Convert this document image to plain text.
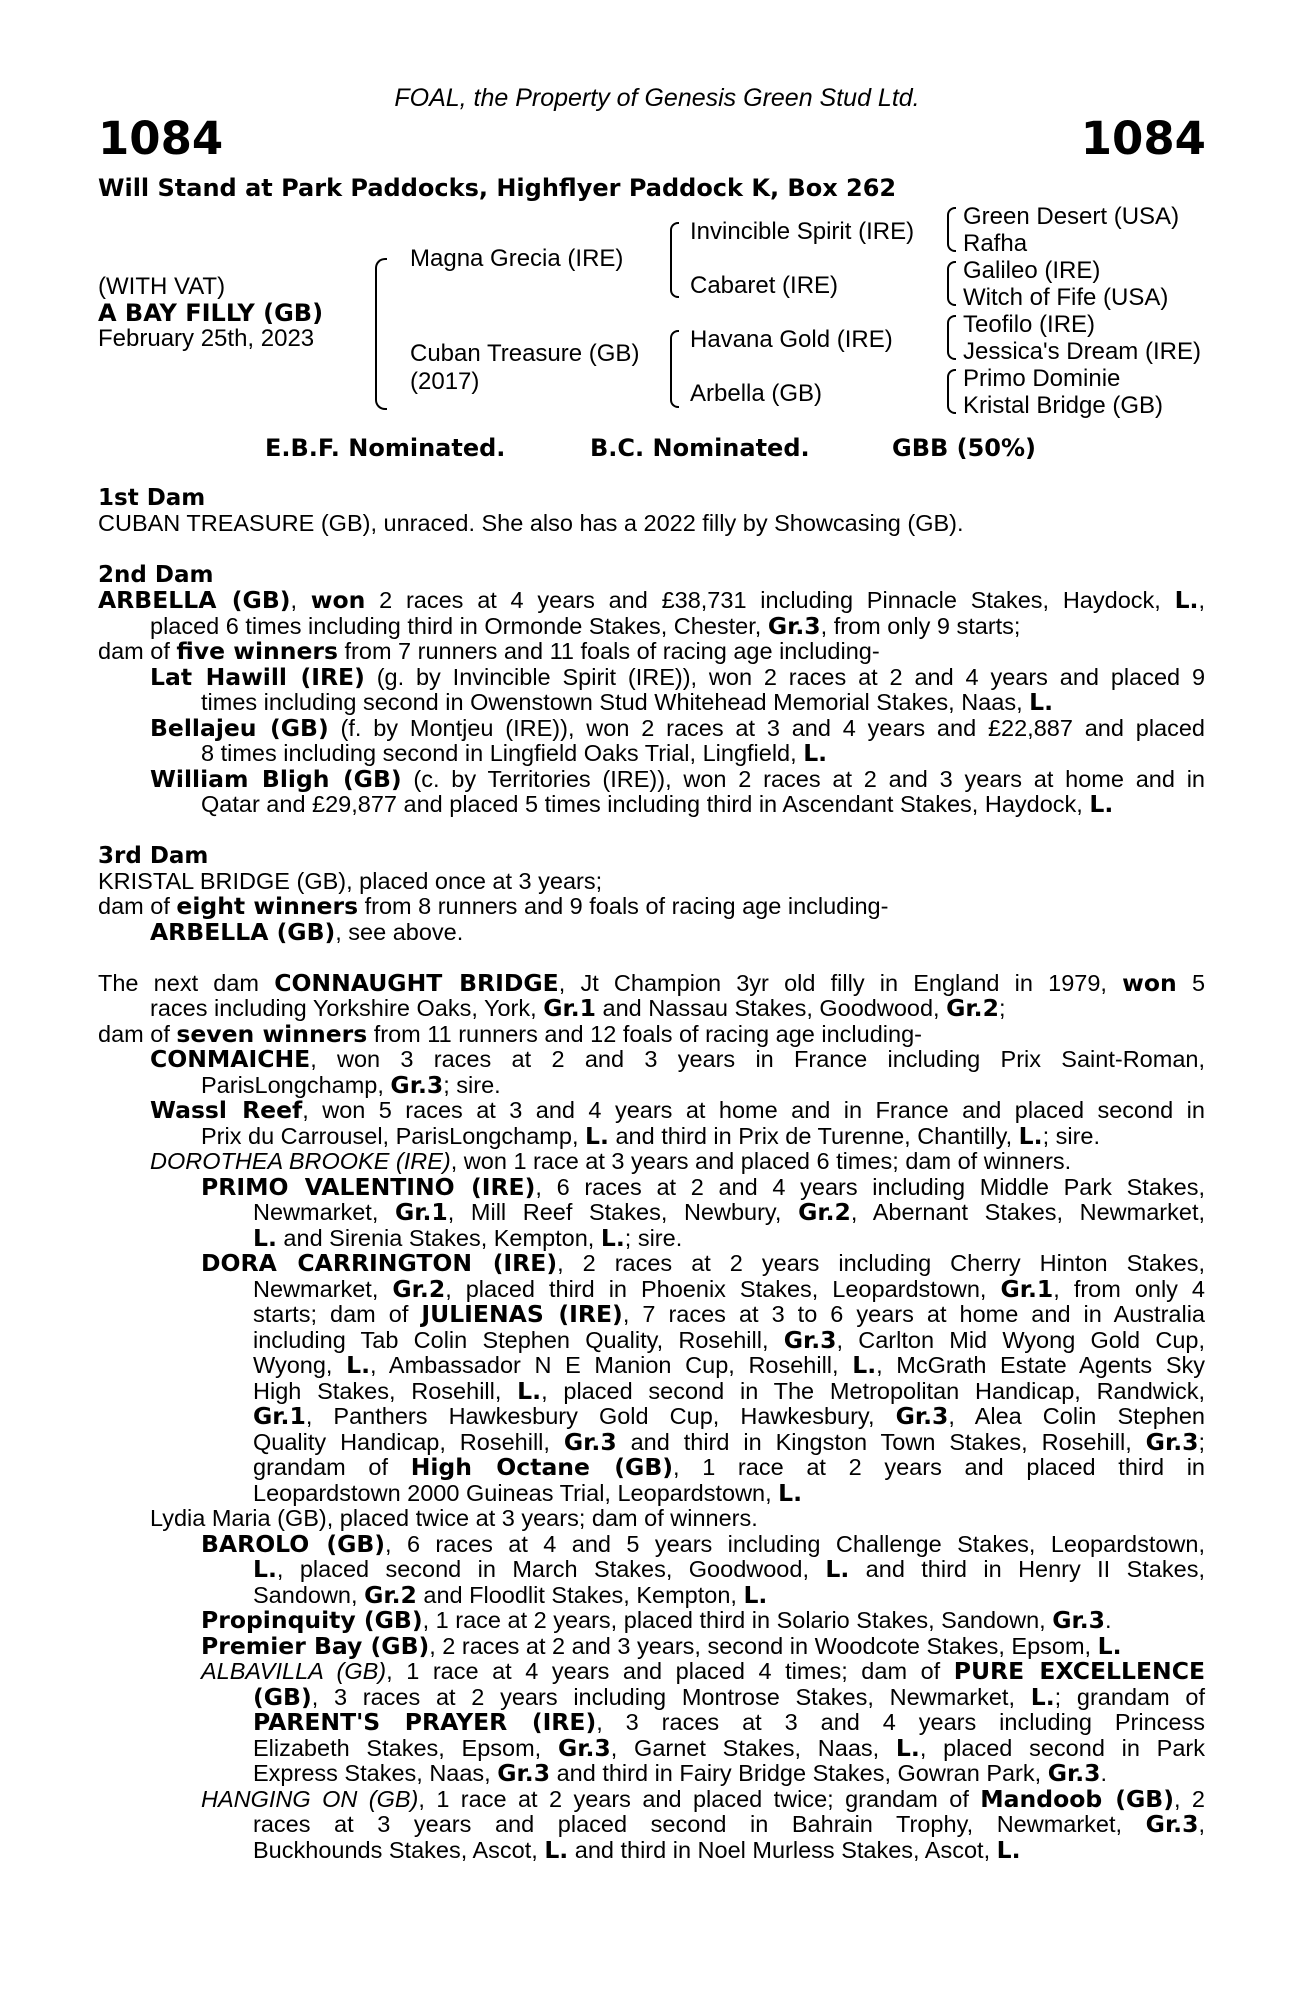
FOAL, the Property of Genesis Green Stud Ltd.
1084	1084
Will Stand at Park Paddocks, Highflyer Paddock K, Box 262
(WITH VAT)
A BAY FILLY (GB)
February 25th, 2023
Magna Grecia (IRE)
Cuban Treasure (GB)
(2017)
Invincible Spirit (IRE)
Cabaret (IRE)
Havana Gold (IRE)
Arbella (GB)
Green Desert (USA)
Rafha
Galileo (IRE)
Witch of Fife (USA)
Teofilo (IRE)
Jessica's Dream (IRE)
Primo Dominie
Kristal Bridge (GB)
E.B.F. Nominated.	B.C. Nominated.	GBB (50%)
1st Dam
CUBAN TREASURE (GB), unraced. She also has a 2022 filly by Showcasing (GB).
2nd Dam
ARBELLA (GB), won 2 races at 4 years and £38,731 including Pinnacle Stakes, Haydock, L.,
placed 6 times including third in Ormonde Stakes, Chester, Gr.3, from only 9 starts;
dam of five winners from 7 runners and 11 foals of racing age including-
Lat Hawill (IRE) (g. by Invincible Spirit (IRE)), won 2 races at 2 and 4 years and placed 9
times including second in Owenstown Stud Whitehead Memorial Stakes, Naas, L.
Bellajeu (GB) (f. by Montjeu (IRE)), won 2 races at 3 and 4 years and £22,887 and placed
8 times including second in Lingfield Oaks Trial, Lingfield, L.
William Bligh (GB) (c. by Territories (IRE)), won 2 races at 2 and 3 years at home and in
Qatar and £29,877 and placed 5 times including third in Ascendant Stakes, Haydock, L.
3rd Dam
KRISTAL BRIDGE (GB), placed once at 3 years;
dam of eight winners from 8 runners and 9 foals of racing age including-
ARBELLA (GB), see above.
The next dam CONNAUGHT BRIDGE, Jt Champion 3yr old filly in England in 1979, won 5
races including Yorkshire Oaks, York, Gr.1 and Nassau Stakes, Goodwood, Gr.2;
dam of seven winners from 11 runners and 12 foals of racing age including-
CONMAICHE, won 3 races at 2 and 3 years in France including Prix Saint-Roman,
ParisLongchamp, Gr.3; sire.
Wassl Reef, won 5 races at 3 and 4 years at home and in France and placed second in
Prix du Carrousel, ParisLongchamp, L. and third in Prix de Turenne, Chantilly, L.; sire.
DOROTHEA BROOKE (IRE), won 1 race at 3 years and placed 6 times; dam of winners.
PRIMO VALENTINO (IRE), 6 races at 2 and 4 years including Middle Park Stakes,
Newmarket, Gr.1, Mill Reef Stakes, Newbury, Gr.2, Abernant Stakes, Newmarket,
L. and Sirenia Stakes, Kempton, L.; sire.
DORA CARRINGTON (IRE), 2 races at 2 years including Cherry Hinton Stakes,
Newmarket, Gr.2, placed third in Phoenix Stakes, Leopardstown, Gr.1, from only 4
starts; dam of JULIENAS (IRE), 7 races at 3 to 6 years at home and in Australia
including Tab Colin Stephen Quality, Rosehill, Gr.3, Carlton Mid Wyong Gold Cup,
Wyong, L., Ambassador N E Manion Cup, Rosehill, L., McGrath Estate Agents Sky
High Stakes, Rosehill, L., placed second in The Metropolitan Handicap, Randwick,
Gr.1, Panthers Hawkesbury Gold Cup, Hawkesbury, Gr.3, Alea Colin Stephen
Quality Handicap, Rosehill, Gr.3 and third in Kingston Town Stakes, Rosehill, Gr.3;
grandam of High Octane (GB), 1 race at 2 years and placed third in
Leopardstown 2000 Guineas Trial, Leopardstown, L.
Lydia Maria (GB), placed twice at 3 years; dam of winners.
BAROLO (GB), 6 races at 4 and 5 years including Challenge Stakes, Leopardstown,
L., placed second in March Stakes, Goodwood, L. and third in Henry II Stakes,
Sandown, Gr.2 and Floodlit Stakes, Kempton, L.
Propinquity (GB), 1 race at 2 years, placed third in Solario Stakes, Sandown, Gr.3.
Premier Bay (GB), 2 races at 2 and 3 years, second in Woodcote Stakes, Epsom, L.
ALBAVILLA (GB), 1 race at 4 years and placed 4 times; dam of PURE EXCELLENCE
(GB), 3 races at 2 years including Montrose Stakes, Newmarket, L.; grandam of
PARENT'S PRAYER (IRE), 3 races at 3 and 4 years including Princess
Elizabeth Stakes, Epsom, Gr.3, Garnet Stakes, Naas, L., placed second in Park
Express Stakes, Naas, Gr.3 and third in Fairy Bridge Stakes, Gowran Park, Gr.3.
HANGING ON (GB), 1 race at 2 years and placed twice; grandam of Mandoob (GB), 2
races at 3 years and placed second in Bahrain Trophy, Newmarket, Gr.3,
Buckhounds Stakes, Ascot, L. and third in Noel Murless Stakes, Ascot, L.
